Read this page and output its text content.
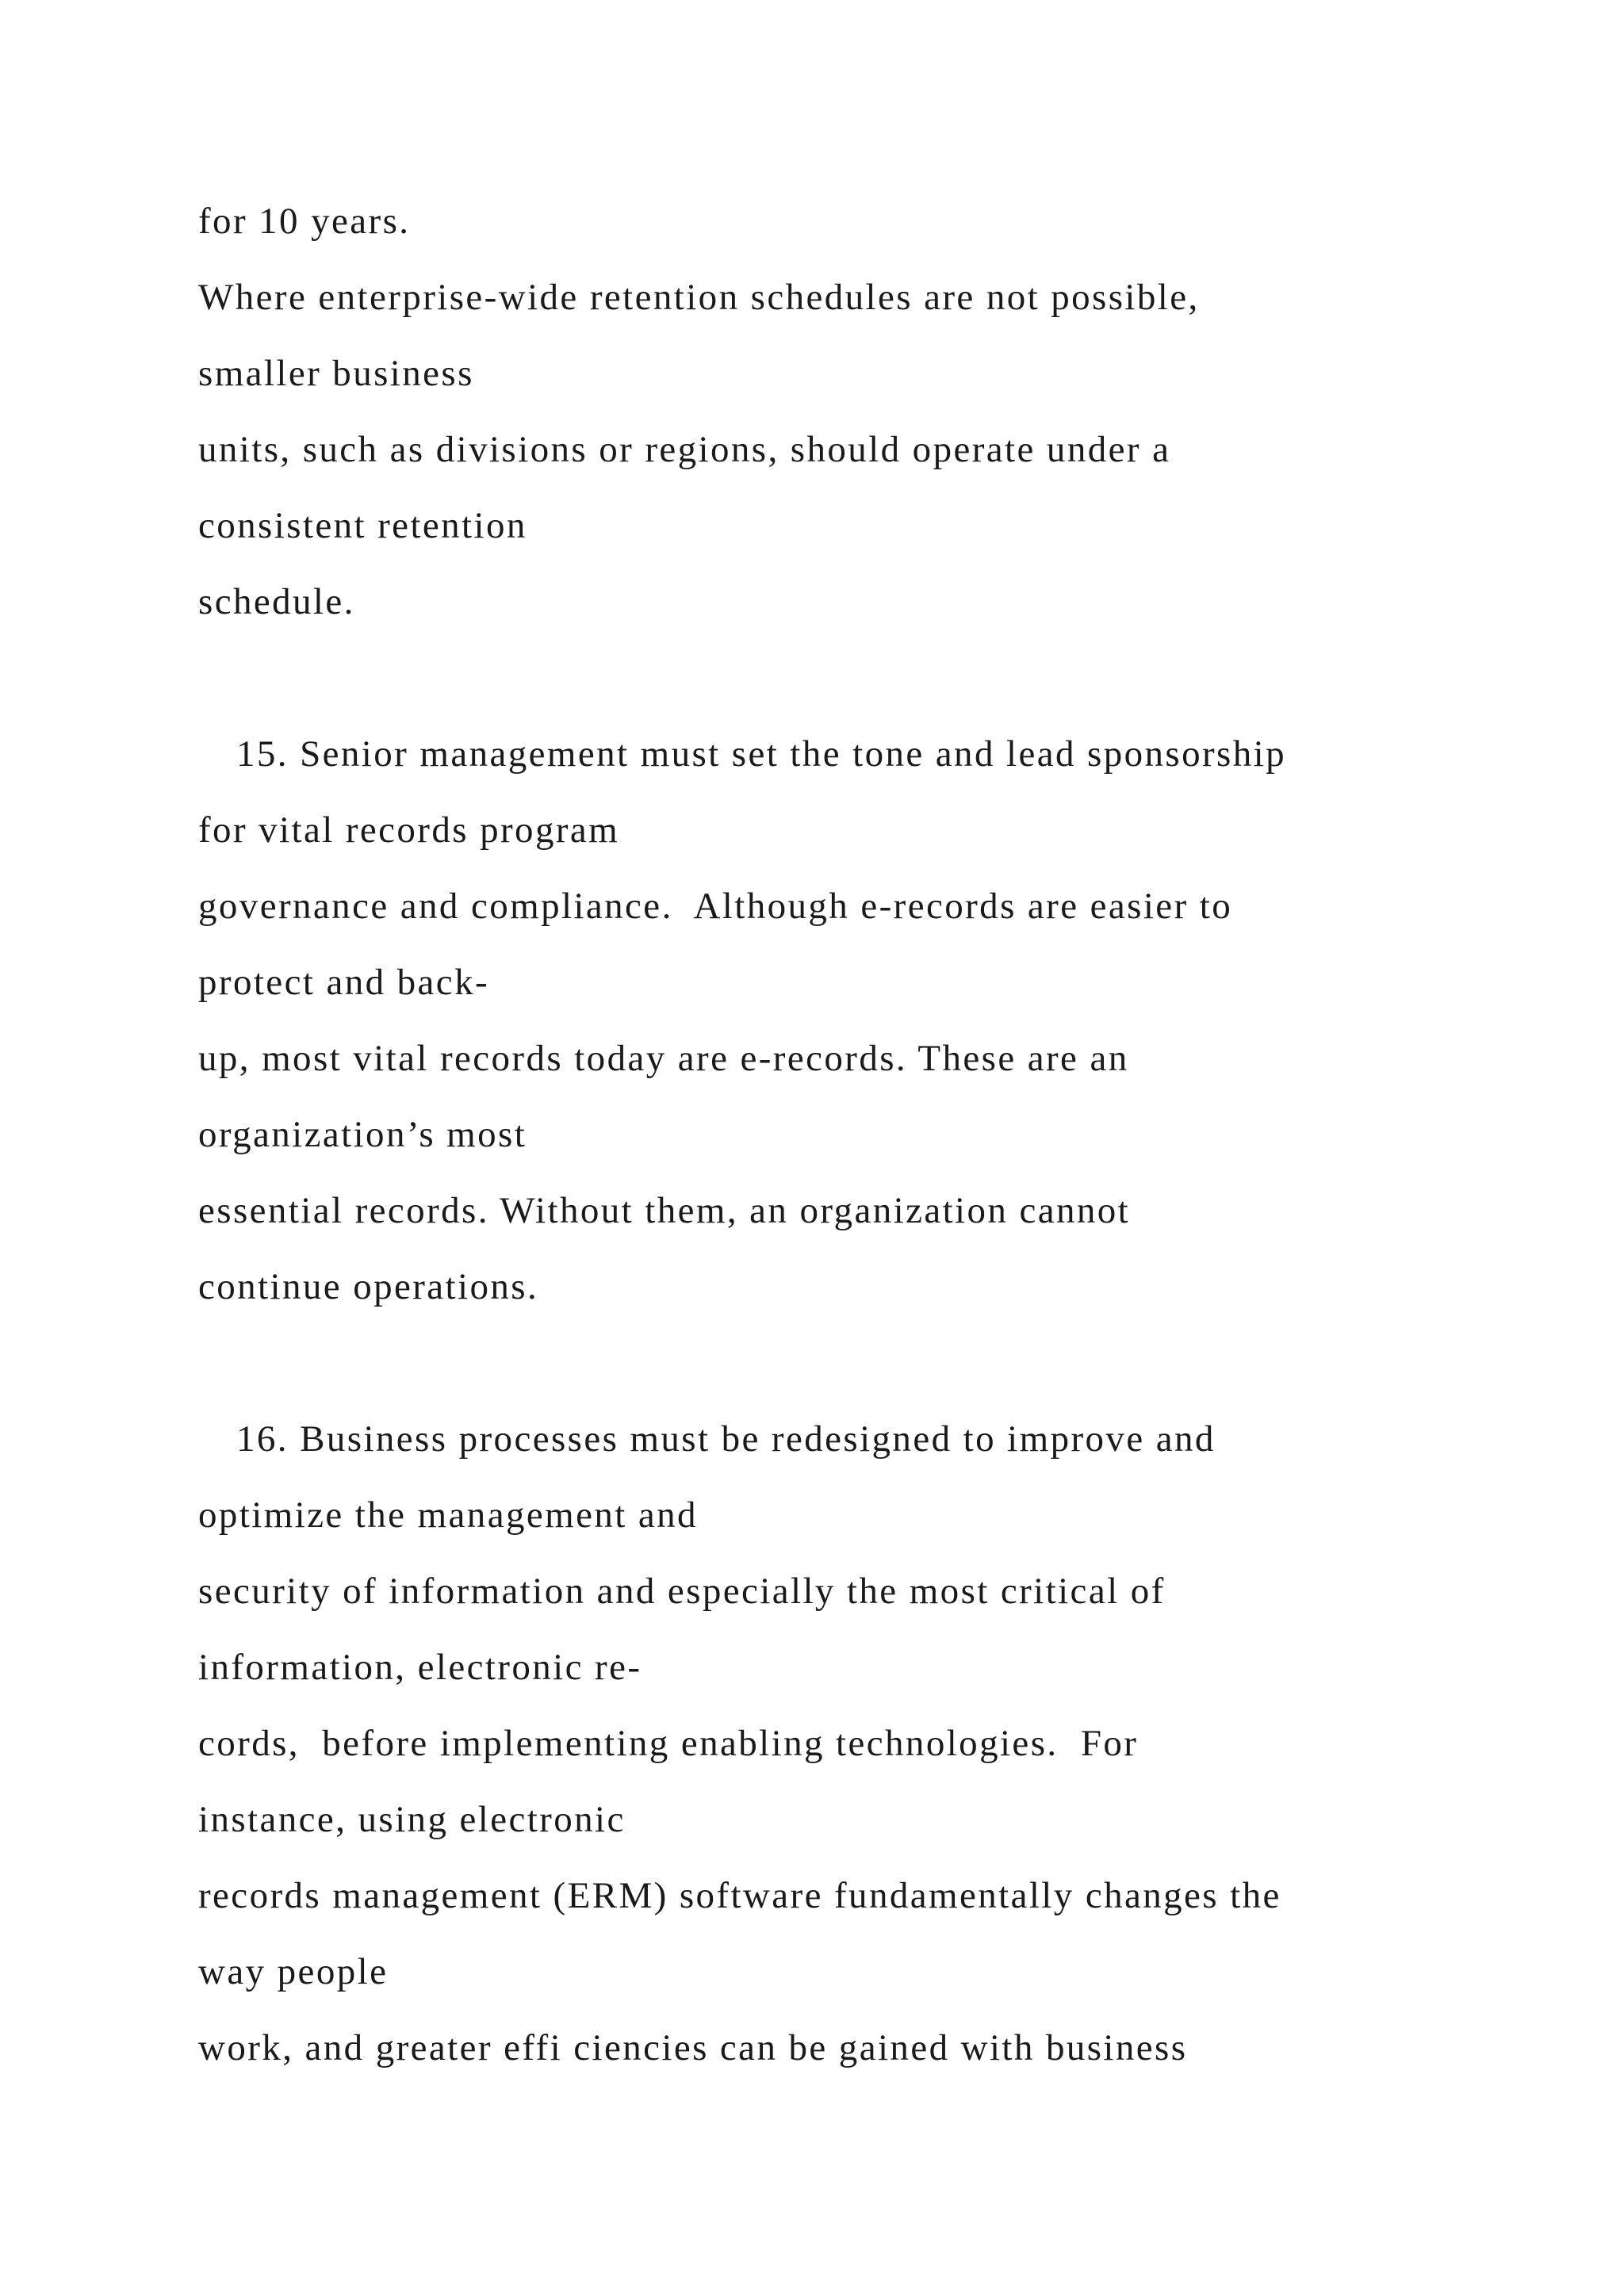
for 10 years.

Where enterprise-wide retention schedules are not possible,

smaller business

units, such as divisions or regions, should operate under a

consistent retention

schedule.

15. Senior management must set the tone and lead sponsorship

for vital records program

governance and compliance.  Although e-records are easier to

protect and back-

up, most vital records today are e-records. These are an

organization’s most

essential records. Without them, an organization cannot

continue operations.

16. Business processes must be redesigned to improve and

optimize the management and

security of information and especially the most critical of

information, electronic re-

cords,  before implementing enabling technologies.  For

instance, using electronic

records management (ERM) software fundamentally changes the

way people

work, and greater effi ciencies can be gained with business
